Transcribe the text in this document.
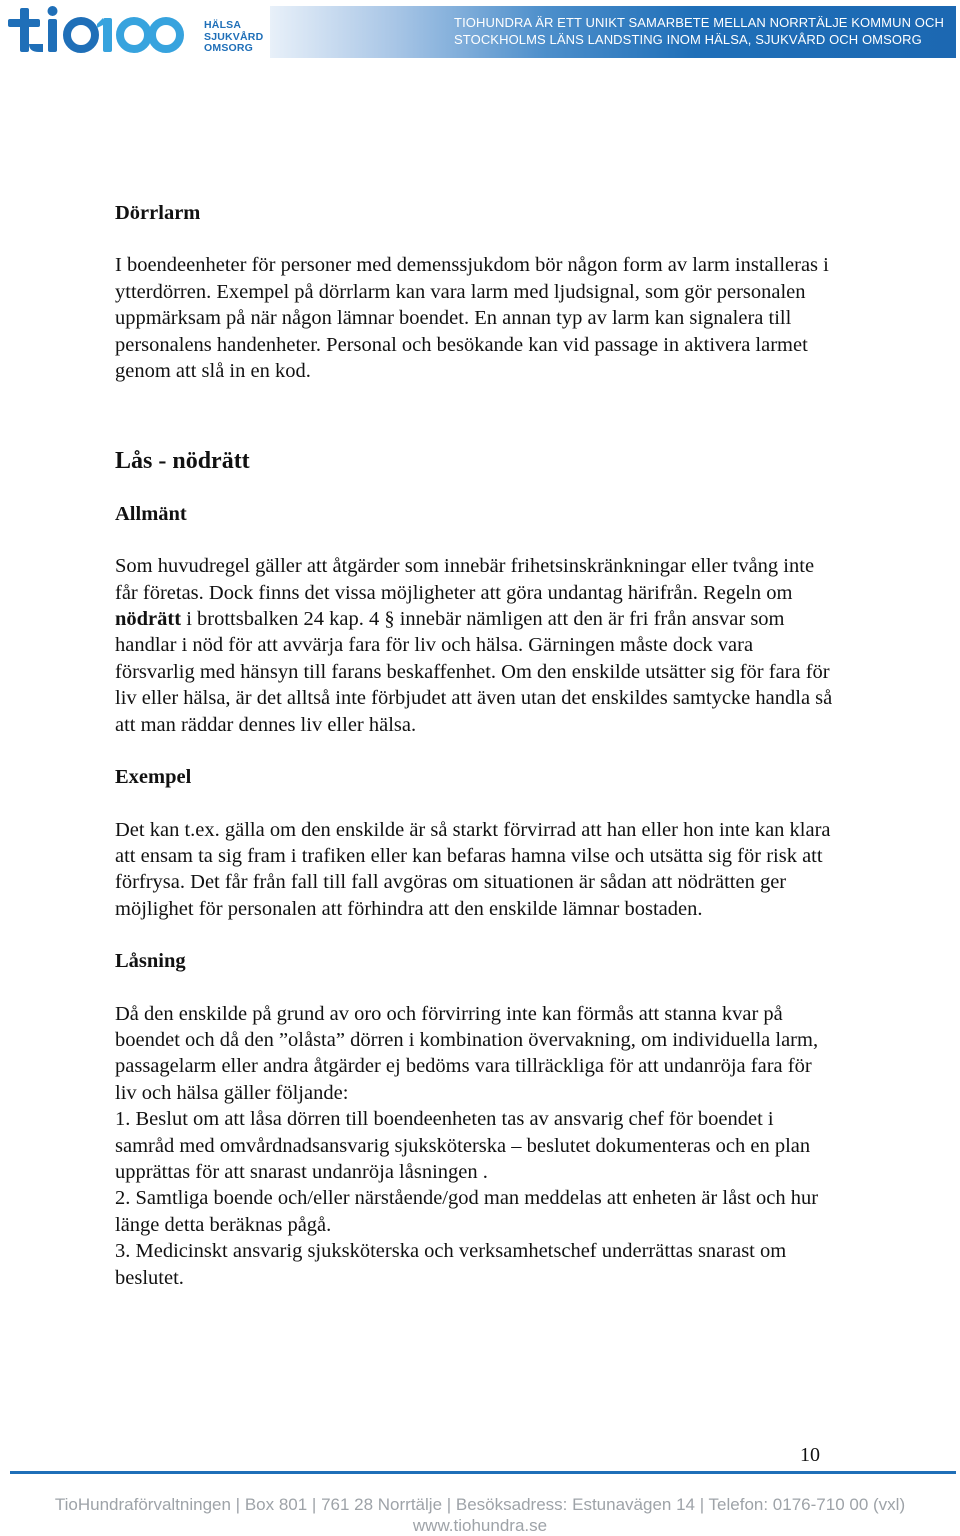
HÄLSA
SJUKVÅRD
OMSORG
TIOHUNDRA ÄR ETT UNIKT SAMARBETE MELLAN NORRTÄLJE KOMMUN OCH
STOCKHOLMS LÄNS LANDSTING INOM HÄLSA, SJUKVÅRD OCH OMSORG

Dörrlarm

I boendeenheter för personer med demenssjukdom bör någon form av larm installeras i ytterdörren. Exempel på dörrlarm kan vara larm med ljudsignal, som gör personalen uppmärksam på när någon lämnar boendet. En annan typ av larm kan signalera till personalens handenheter. Personal och besökande kan vid passage in aktivera larmet genom att slå in en kod.

Lås - nödrätt

Allmänt

Som huvudregel gäller att åtgärder som innebär frihetsinskränkningar eller tvång inte får företas. Dock finns det vissa möjligheter att göra undantag härifrån. Regeln om nödrätt i brottsbalken 24 kap. 4 § innebär nämligen att den är fri från ansvar som handlar i nöd för att avvärja fara för liv och hälsa. Gärningen måste dock vara försvarlig med hänsyn till farans beskaffenhet. Om den enskilde utsätter sig för fara för liv eller hälsa, är det alltså inte förbjudet att även utan det enskildes samtycke handla så att man räddar dennes liv eller hälsa.

Exempel

Det kan t.ex. gälla om den enskilde är så starkt förvirrad att han eller hon inte kan klara att ensam ta sig fram i trafiken eller kan befaras hamna vilse och utsätta sig för risk att förfrysa. Det får från fall till fall avgöras om situationen är sådan att nödrätten ger möjlighet för personalen att förhindra att den enskilde lämnar bostaden.

Låsning

Då den enskilde på grund av oro och förvirring inte kan förmås att stanna kvar på boendet och då den ”olåsta” dörren i kombination övervakning, om individuella larm, passagelarm eller andra åtgärder ej bedöms vara tillräckliga för att undanröja fara för liv och hälsa gäller följande:

1. Beslut om att låsa dörren till boendeenheten tas av ansvarig chef för boendet i samråd med omvårdnadsansvarig sjuksköterska – beslutet dokumenteras och en plan upprättas för att snarast undanröja låsningen .

2. Samtliga boende och/eller närstående/god man meddelas att enheten är låst och hur länge detta beräknas pågå.

3. Medicinskt ansvarig sjuksköterska och verksamhetschef underrättas snarast om beslutet.

10
TioHundraförvaltningen | Box 801 | 761 28 Norrtälje | Besöksadress: Estunavägen 14 | Telefon: 0176-710 00 (vxl)
www.tiohundra.se
